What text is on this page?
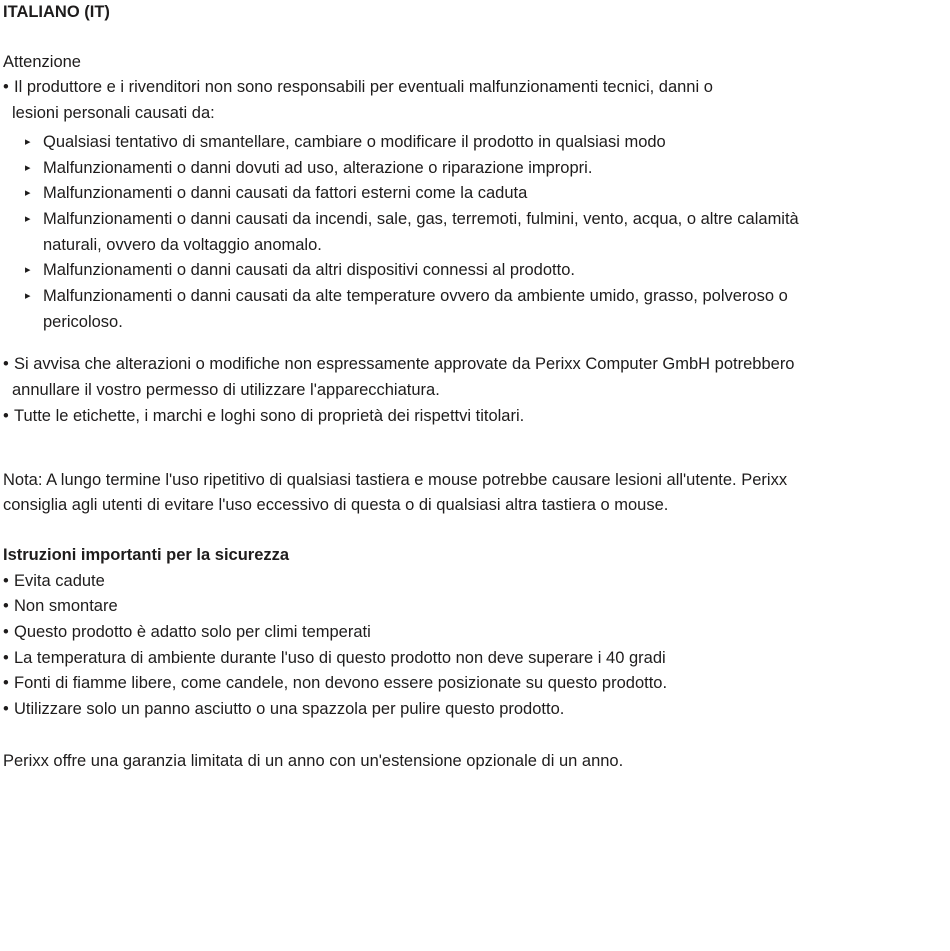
ITALIANO (IT)
Attenzione
• Il produttore e i rivenditori non sono responsabili per eventuali malfunzionamenti tecnici, danni o
lesioni personali causati da:
▸ Qualsiasi tentativo di smantellare, cambiare o modificare il prodotto in qualsiasi modo
▸ Malfunzionamenti o danni dovuti ad uso, alterazione o riparazione impropri.
▸ Malfunzionamenti o danni causati da fattori esterni come la caduta
▸ Malfunzionamenti o danni causati da incendi, sale, gas, terremoti, fulmini, vento, acqua, o altre calamità
naturali, ovvero da voltaggio anomalo.
▸ Malfunzionamenti o danni causati da altri dispositivi connessi al prodotto.
▸ Malfunzionamenti o danni causati da alte temperature ovvero da ambiente umido, grasso, polveroso o
pericoloso.
• Si avvisa che alterazioni o modifiche non espressamente approvate da Perixx Computer GmbH potrebbero
annullare il vostro permesso di utilizzare l'apparecchiatura.
• Tutte le etichette, i marchi e loghi sono di proprietà dei rispettvi titolari.
Nota: A lungo termine l'uso ripetitivo di qualsiasi tastiera e mouse potrebbe causare lesioni all'utente. Perixx
consiglia agli utenti di evitare l'uso eccessivo di questa o di qualsiasi altra tastiera o mouse.
Istruzioni importanti per la sicurezza
• Evita cadute
• Non smontare
• Questo prodotto è adatto solo per climi temperati
• La temperatura di ambiente durante l'uso di questo prodotto non deve superare i 40 gradi
• Fonti di fiamme libere, come candele, non devono essere posizionate su questo prodotto.
• Utilizzare solo un panno asciutto o una spazzola per pulire questo prodotto.
Perixx offre una garanzia limitata di un anno con un'estensione opzionale di un anno.
